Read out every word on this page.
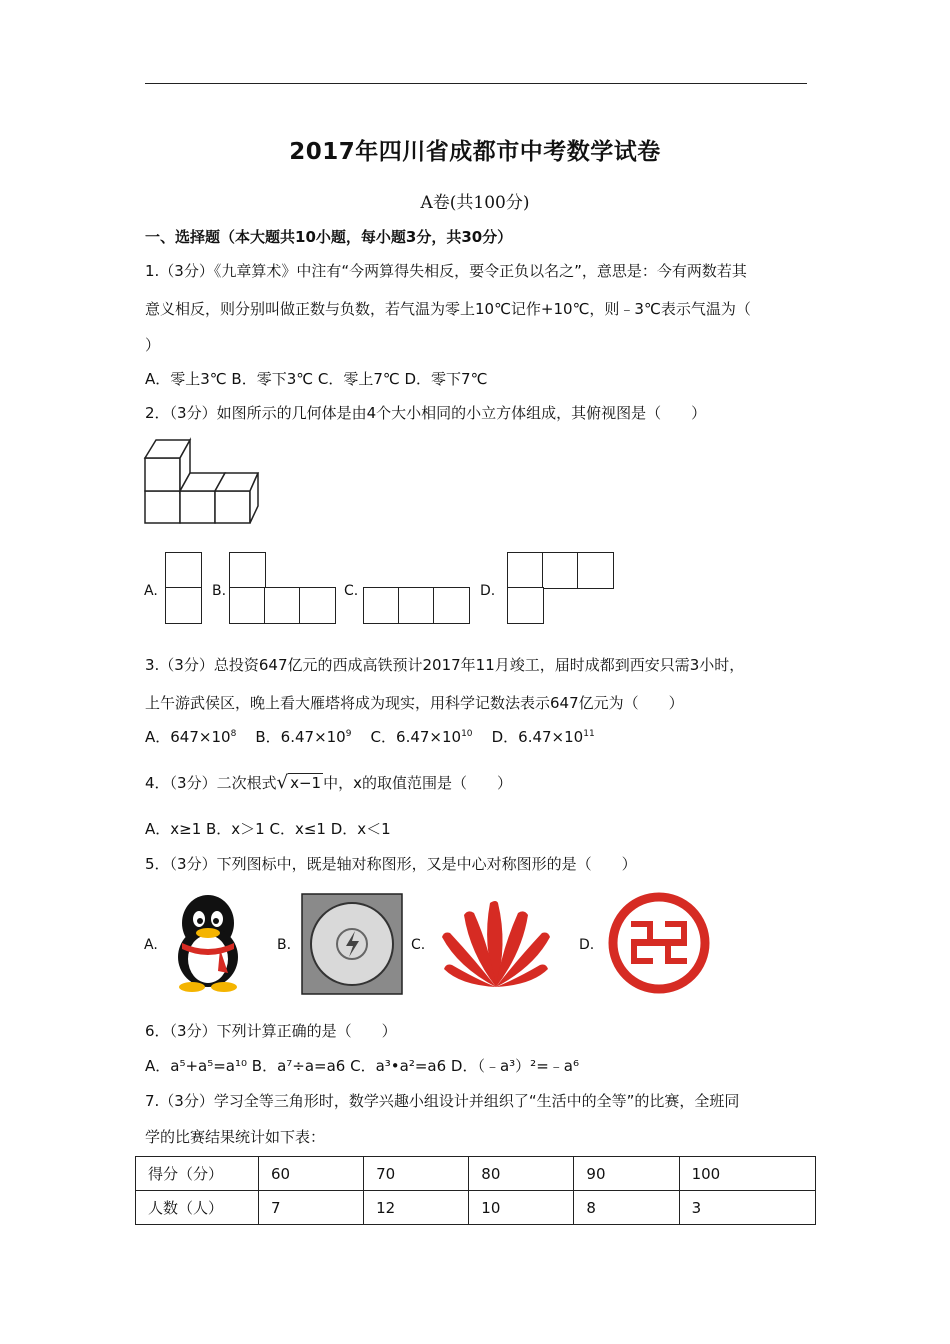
2017年四川省成都市中考数学试卷
A卷(共100分)
一、选择题（本大题共10小题，每小题3分，共30分）
1.（3分）《九章算术》中注有“今两算得失相反，要令正负以名之”，意思是：今有两数若其
意义相反，则分别叫做正数与负数，若气温为零上10℃记作+10℃，则﹣3℃表示气温为（
）
A．零上3℃ B．零下3℃ C．零上7℃ D．零下7℃
2．（3分）如图所示的几何体是由4个大小相同的小立方体组成，其俯视图是（　　）
A.	B.	C.	D.
3.（3分）总投资647亿元的西成高铁预计2017年11月竣工，届时成都到西安只需3小时，
上午游武侯区，晚上看大雁塔将成为现实，用科学记数法表示647亿元为（　　）
A．$647\times 10^8$ B．$6.47\times 10^9$ C．$6.47\times 10^{10}$ D．$6.47\times 10^{11}$
4．（3分）二次根式√ x−1 中，x的取值范围是（　　）
A．x≥1 B．x＞1 C．x≤1 D．x＜1
5．（3分）下列图标中，既是轴对称图形，又是中心对称图形的是（　　）
A.	B.	C.	D.
6．（3分）下列计算正确的是（　　）
A．a⁵+a⁵=a¹⁰ B．a⁷÷a=a6 C．a³•a²=a6 D．（﹣a³）²=﹣a⁶
7.（3分）学习全等三角形时，数学兴趣小组设计并组织了“生活中的全等”的比赛，全班同
学的比赛结果统计如下表：
得分（分）	60	70	80	90	100
人数（人）	7	12	10	8	3
